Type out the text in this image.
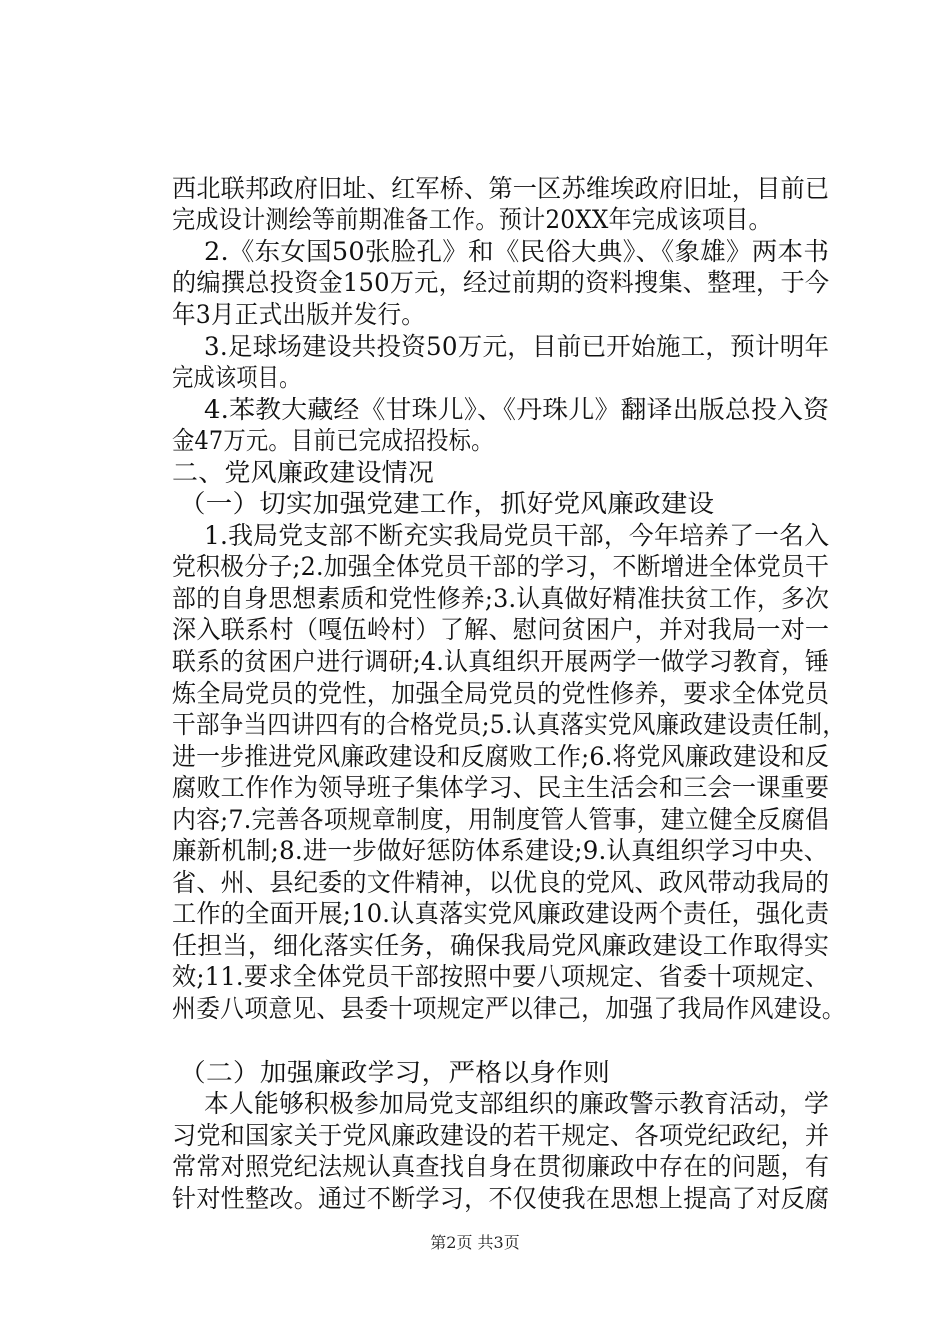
西北联邦政府旧址、红军桥、第一区苏维埃政府旧址，目前已
完成设计测绘等前期准备工作。预计20XX年完成该项目。
2.《东女国50张脸孔》和《民俗大典》、《象雄》两本书
的编撰总投资金150万元，经过前期的资料搜集、整理，于今
年3月正式出版并发行。
3.足球场建设共投资50万元，目前已开始施工，预计明年
完成该项目。
4.苯教大藏经《甘珠儿》、《丹珠儿》翻译出版总投入资
金47万元。目前已完成招投标。
二、党风廉政建设情况
（一）切实加强党建工作，抓好党风廉政建设
1.我局党支部不断充实我局党员干部，今年培养了一名入
党积极分子;2.加强全体党员干部的学习，不断增进全体党员干
部的自身思想素质和党性修养;3.认真做好精准扶贫工作，多次
深入联系村（嘎伍岭村）了解、慰问贫困户，并对我局一对一
联系的贫困户进行调研;4.认真组织开展两学一做学习教育，锤
炼全局党员的党性，加强全局党员的党性修养，要求全体党员
干部争当四讲四有的合格党员;5.认真落实党风廉政建设责任制，
进一步推进党风廉政建设和反腐败工作;6.将党风廉政建设和反
腐败工作作为领导班子集体学习、民主生活会和三会一课重要
内容;7.完善各项规章制度，用制度管人管事，建立健全反腐倡
廉新机制;8.进一步做好惩防体系建设;9.认真组织学习中央、
省、州、县纪委的文件精神，以优良的党风、政风带动我局的
工作的全面开展;10.认真落实党风廉政建设两个责任，强化责
任担当，细化落实任务，确保我局党风廉政建设工作取得实
效;11.要求全体党员干部按照中要八项规定、省委十项规定、
州委八项意见、县委十项规定严以律己，加强了我局作风建设。
（二）加强廉政学习，严格以身作则
本人能够积极参加局党支部组织的廉政警示教育活动，学
习党和国家关于党风廉政建设的若干规定、各项党纪政纪，并
常常对照党纪法规认真查找自身在贯彻廉政中存在的问题，有
针对性整改。通过不断学习，不仅使我在思想上提高了对反腐
第2页 共3页
